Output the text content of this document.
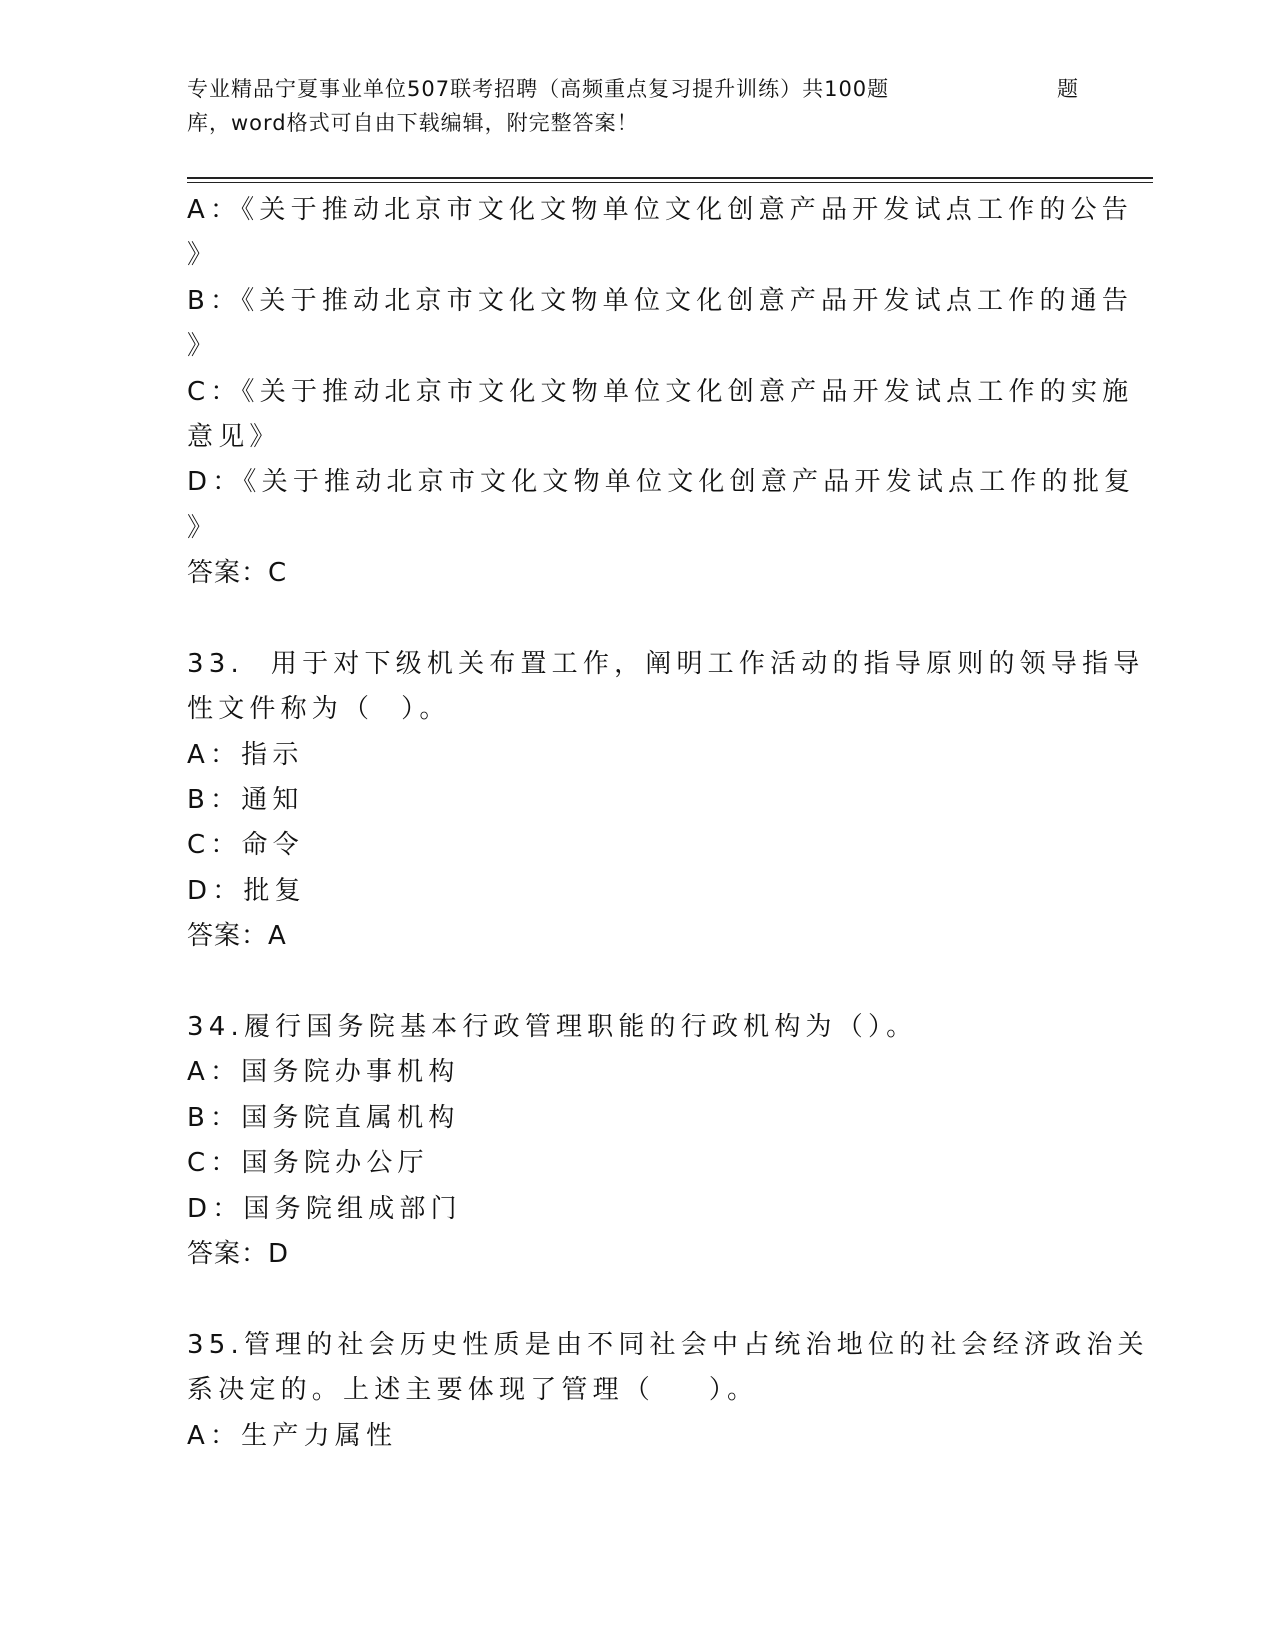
专业精品宁夏事业单位507联考招聘（高频重点复习提升训练）共100题	题
库，word格式可自由下载编辑，附完整答案！
A：《关于推动北京市文化文物单位文化创意产品开发试点工作的公告
》
B：《关于推动北京市文化文物单位文化创意产品开发试点工作的通告
》
C：《关于推动北京市文化文物单位文化创意产品开发试点工作的实施
意见》
D：《关于推动北京市文化文物单位文化创意产品开发试点工作的批复
》
答案：C
33.  用于对下级机关布置工作，阐明工作活动的指导原则的领导指导
性文件称为（  ）。
A：指示
B：通知
C：命令
D：批复
答案：A
34.履行国务院基本行政管理职能的行政机构为（）。
A：国务院办事机构
B：国务院直属机构
C：国务院办公厅
D：国务院组成部门
答案：D
35.管理的社会历史性质是由不同社会中占统治地位的社会经济政治关
系决定的。上述主要体现了管理（    ）。
A：生产力属性
